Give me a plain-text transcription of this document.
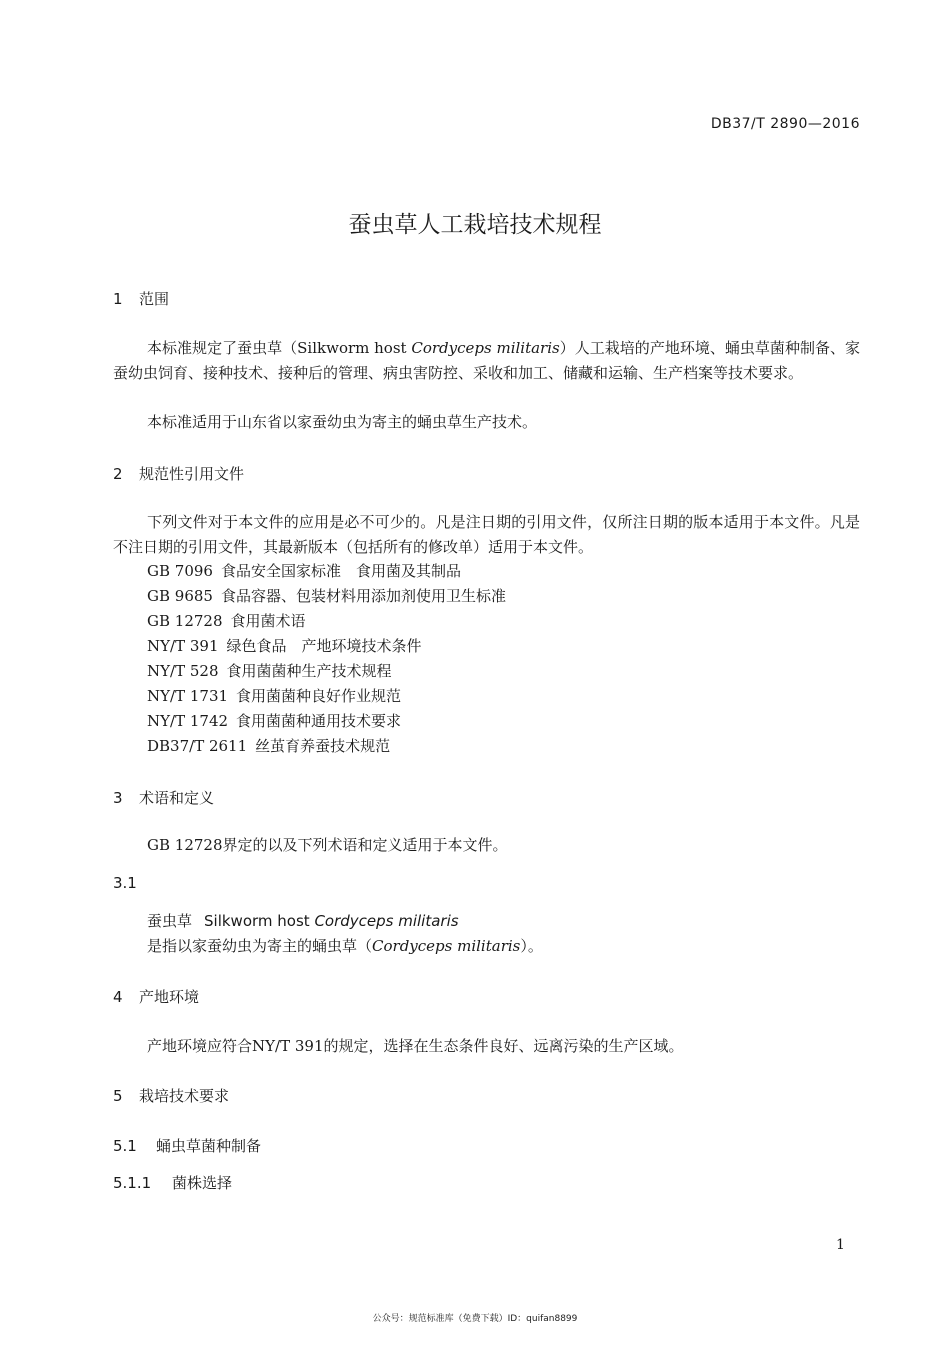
DB37/T 2890—2016
蚕虫草人工栽培技术规程
1 范围
本标准规定了蚕虫草（Silkworm host Cordyceps militaris）人工栽培的产地环境、蛹虫草菌种制备、家蚕幼虫饲育、接种技术、接种后的管理、病虫害防控、采收和加工、储藏和运输、生产档案等技术要求。
本标准适用于山东省以家蚕幼虫为寄主的蛹虫草生产技术。
2 规范性引用文件
下列文件对于本文件的应用是必不可少的。凡是注日期的引用文件，仅所注日期的版本适用于本文件。凡是不注日期的引用文件，其最新版本（包括所有的修改单）适用于本文件。
GB 7096 食品安全国家标准　食用菌及其制品
GB 9685 食品容器、包装材料用添加剂使用卫生标准
GB 12728 食用菌术语
NY/T 391 绿色食品　产地环境技术条件
NY/T 528 食用菌菌种生产技术规程
NY/T 1731 食用菌菌种良好作业规范
NY/T 1742 食用菌菌种通用技术要求
DB37/T 2611 丝茧育养蚕技术规范
3 术语和定义
GB 12728界定的以及下列术语和定义适用于本文件。
3.1
蚕虫草 Silkworm host Cordyceps militaris
是指以家蚕幼虫为寄主的蛹虫草（Cordyceps militaris）。
4 产地环境
产地环境应符合NY/T 391的规定，选择在生态条件良好、远离污染的生产区域。
5 栽培技术要求
5.1 蛹虫草菌种制备
5.1.1 菌株选择
1
公众号：规范标准库（免费下载）ID：quifan8899
